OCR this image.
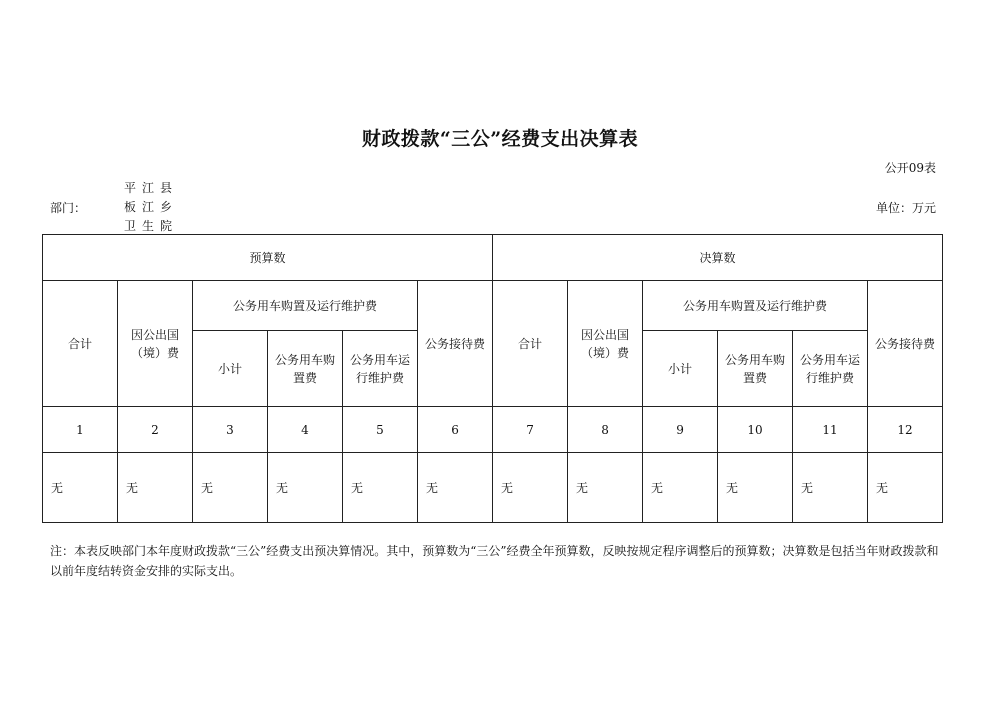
财政拨款“三公”经费支出决算表
公开09表
部门：
平江县板江乡卫生院
单位：万元
预算数						决算数					
合计	因公出国（境）费	公务用车购置及运行维护费			公务接待费	合计	因公出国（境）费	公务用车购置及运行维护费			公务接待费
		小计	公务用车购置费	公务用车运行维护费				小计	公务用车购置费	公务用车运行维护费	
1	2	3	4	5	6	7	8	9	10	11	12
无	无	无	无	无	无	无	无	无	无	无	无
注：本表反映部门本年度财政拨款“三公”经费支出预决算情况。其中，预算数为“三公”经费全年预算数，反映按规定程序调整后的预算数；决算数是包括当年财政拨款和以前年度结转资金安排的实际支出。
